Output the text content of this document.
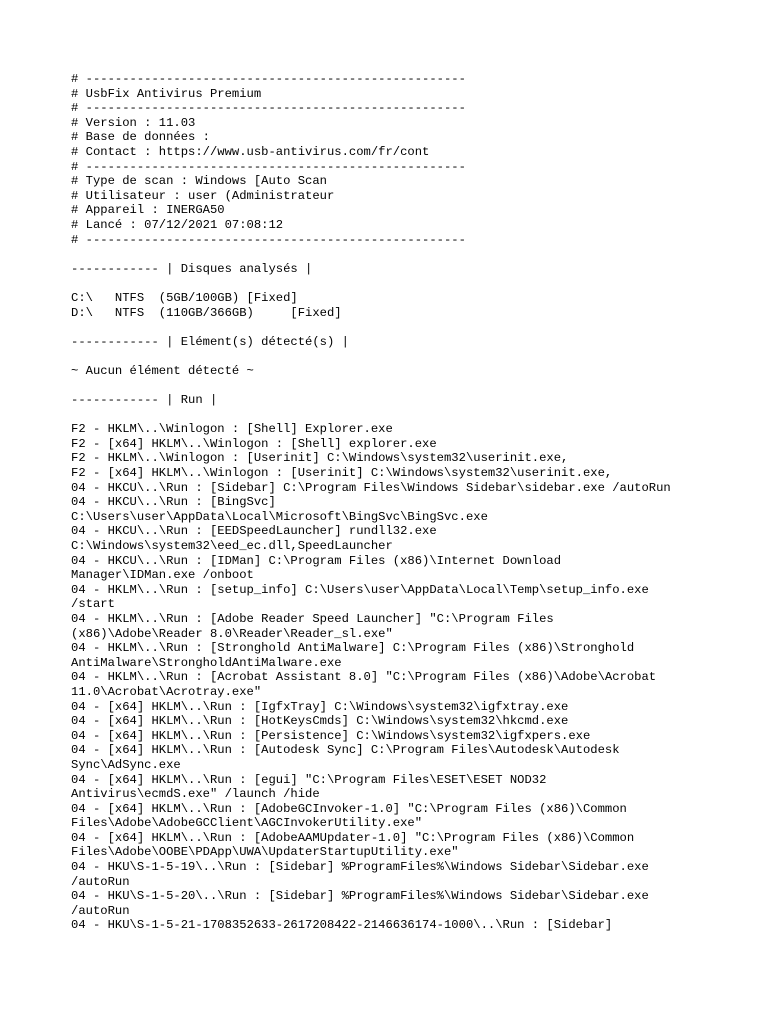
# ----------------------------------------------------
# UsbFix Antivirus Premium
# ----------------------------------------------------
# Version : 11.03
# Base de données :
# Contact : https://www.usb-antivirus.com/fr/cont
# ----------------------------------------------------
# Type de scan : Windows [Auto Scan
# Utilisateur : user (Administrateur
# Appareil : INERGA50
# Lancé : 07/12/2021 07:08:12
# ----------------------------------------------------
------------ | Disques analysés |
C:\   NTFS  (5GB/100GB) [Fixed]
D:\   NTFS  (110GB/366GB)     [Fixed]
------------ | Elément(s) détecté(s) |
~ Aucun élément détecté ~
------------ | Run |
F2 - HKLM\..\Winlogon : [Shell] Explorer.exe
F2 - [x64] HKLM\..\Winlogon : [Shell] explorer.exe
F2 - HKLM\..\Winlogon : [Userinit] C:\Windows\system32\userinit.exe,
F2 - [x64] HKLM\..\Winlogon : [Userinit] C:\Windows\system32\userinit.exe,
04 - HKCU\..\Run : [Sidebar] C:\Program Files\Windows Sidebar\sidebar.exe /autoRun
04 - HKCU\..\Run : [BingSvc]
C:\Users\user\AppData\Local\Microsoft\BingSvc\BingSvc.exe
04 - HKCU\..\Run : [EEDSpeedLauncher] rundll32.exe
C:\Windows\system32\eed_ec.dll,SpeedLauncher
04 - HKCU\..\Run : [IDMan] C:\Program Files (x86)\Internet Download
Manager\IDMan.exe /onboot
04 - HKLM\..\Run : [setup_info] C:\Users\user\AppData\Local\Temp\setup_info.exe
/start
04 - HKLM\..\Run : [Adobe Reader Speed Launcher] "C:\Program Files
(x86)\Adobe\Reader 8.0\Reader\Reader_sl.exe"
04 - HKLM\..\Run : [Stronghold AntiMalware] C:\Program Files (x86)\Stronghold
AntiMalware\StrongholdAntiMalware.exe
04 - HKLM\..\Run : [Acrobat Assistant 8.0] "C:\Program Files (x86)\Adobe\Acrobat
11.0\Acrobat\Acrotray.exe"
04 - [x64] HKLM\..\Run : [IgfxTray] C:\Windows\system32\igfxtray.exe
04 - [x64] HKLM\..\Run : [HotKeysCmds] C:\Windows\system32\hkcmd.exe
04 - [x64] HKLM\..\Run : [Persistence] C:\Windows\system32\igfxpers.exe
04 - [x64] HKLM\..\Run : [Autodesk Sync] C:\Program Files\Autodesk\Autodesk
Sync\AdSync.exe
04 - [x64] HKLM\..\Run : [egui] "C:\Program Files\ESET\ESET NOD32
Antivirus\ecmdS.exe" /launch /hide
04 - [x64] HKLM\..\Run : [AdobeGCInvoker-1.0] "C:\Program Files (x86)\Common
Files\Adobe\AdobeGCClient\AGCInvokerUtility.exe"
04 - [x64] HKLM\..\Run : [AdobeAAMUpdater-1.0] "C:\Program Files (x86)\Common
Files\Adobe\OOBE\PDApp\UWA\UpdaterStartupUtility.exe"
04 - HKU\S-1-5-19\..\Run : [Sidebar] %ProgramFiles%\Windows Sidebar\Sidebar.exe
/autoRun
04 - HKU\S-1-5-20\..\Run : [Sidebar] %ProgramFiles%\Windows Sidebar\Sidebar.exe
/autoRun
04 - HKU\S-1-5-21-1708352633-2617208422-2146636174-1000\..\Run : [Sidebar]
